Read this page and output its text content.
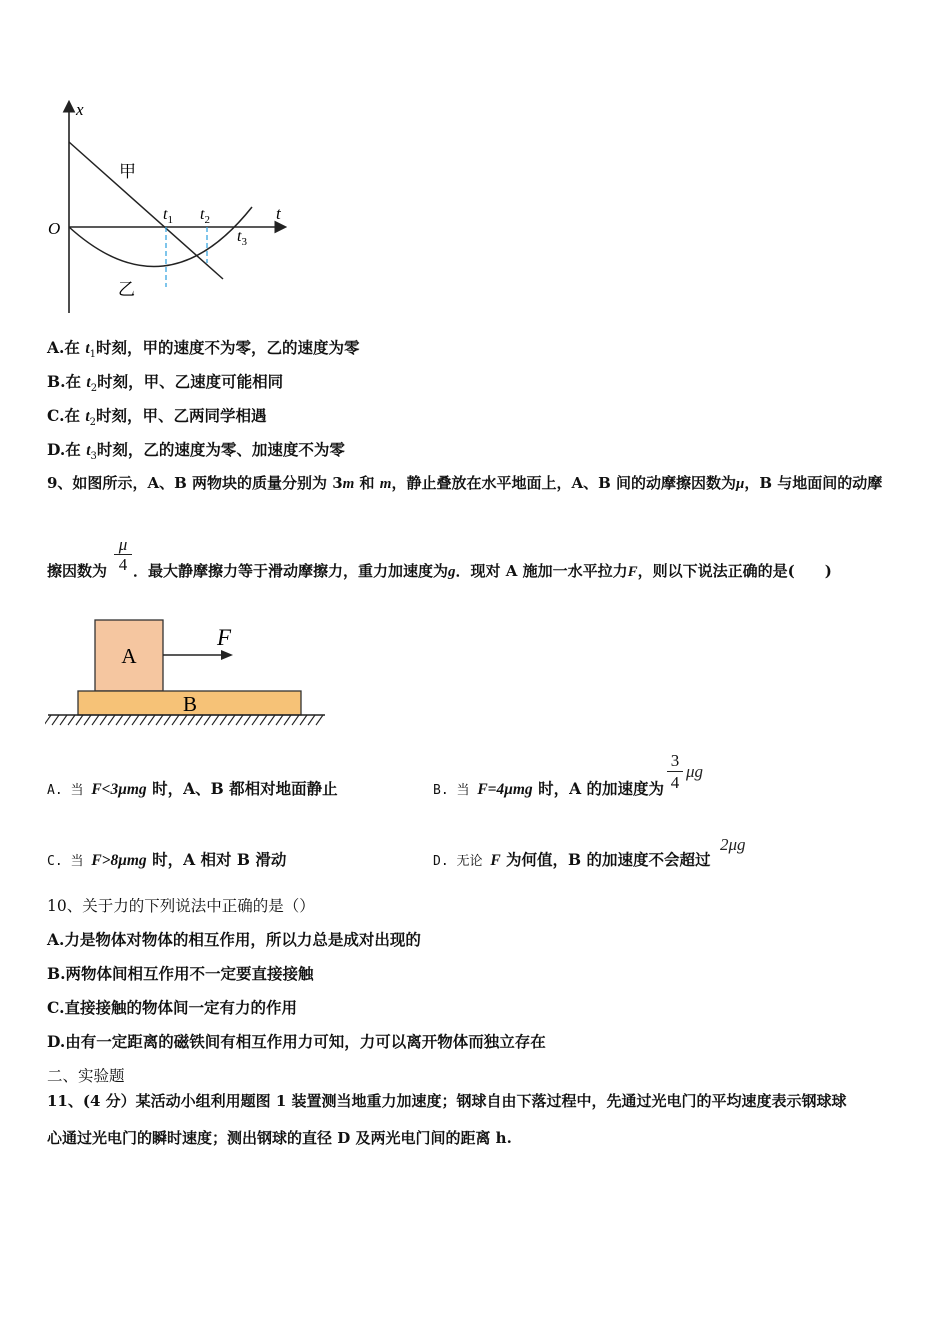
x
t
O
甲
乙
$t_1$ $t_2$
$t_3$
A.在 $t_1$时刻，甲的速度不为零，乙的速度为零
B.在 $t_2$时刻，甲、乙速度可能相同
C.在 $t_2$时刻，甲、乙两同学相遇
D.在 $t_3$时刻，乙的速度为零、加速度不为零
9、如图所示，A、B 两物块的质量分别为 3m 和 m，静止叠放在水平地面上，A、B 间的动摩擦因数为μ，B 与地面间的动摩
$\frac{\mu}{4}$
擦因数为 ．最大静摩擦力等于滑动摩擦力，重力加速度为g．现对 A 施加一水平拉力F，则以下说法正确的是(　　)
A
B
F
A. 当 F<3μmg 时，A、B 都相对地面静止	B. 当 F=4μmg 时，A 的加速度为 $\frac{3}{4}$ μg
C. 当 F>8μmg 时，A 相对 B 滑动	D. 无论 F 为何值，B 的加速度不会超过
2μg
10、关于力的下列说法中正确的是（）
A.力是物体对物体的相互作用，所以力总是成对出现的
B.两物体间相互作用不一定要直接接触
C.直接接触的物体间一定有力的作用
D.由有一定距离的磁铁间有相互作用力可知，力可以离开物体而独立存在
二、实验题
11、(4 分）某活动小组利用题图 1 装置测当地重力加速度；钢球自由下落过程中，先通过光电门的平均速度表示钢球球
心通过光电门的瞬时速度；测出钢球的直径 D 及两光电门间的距离 h.
